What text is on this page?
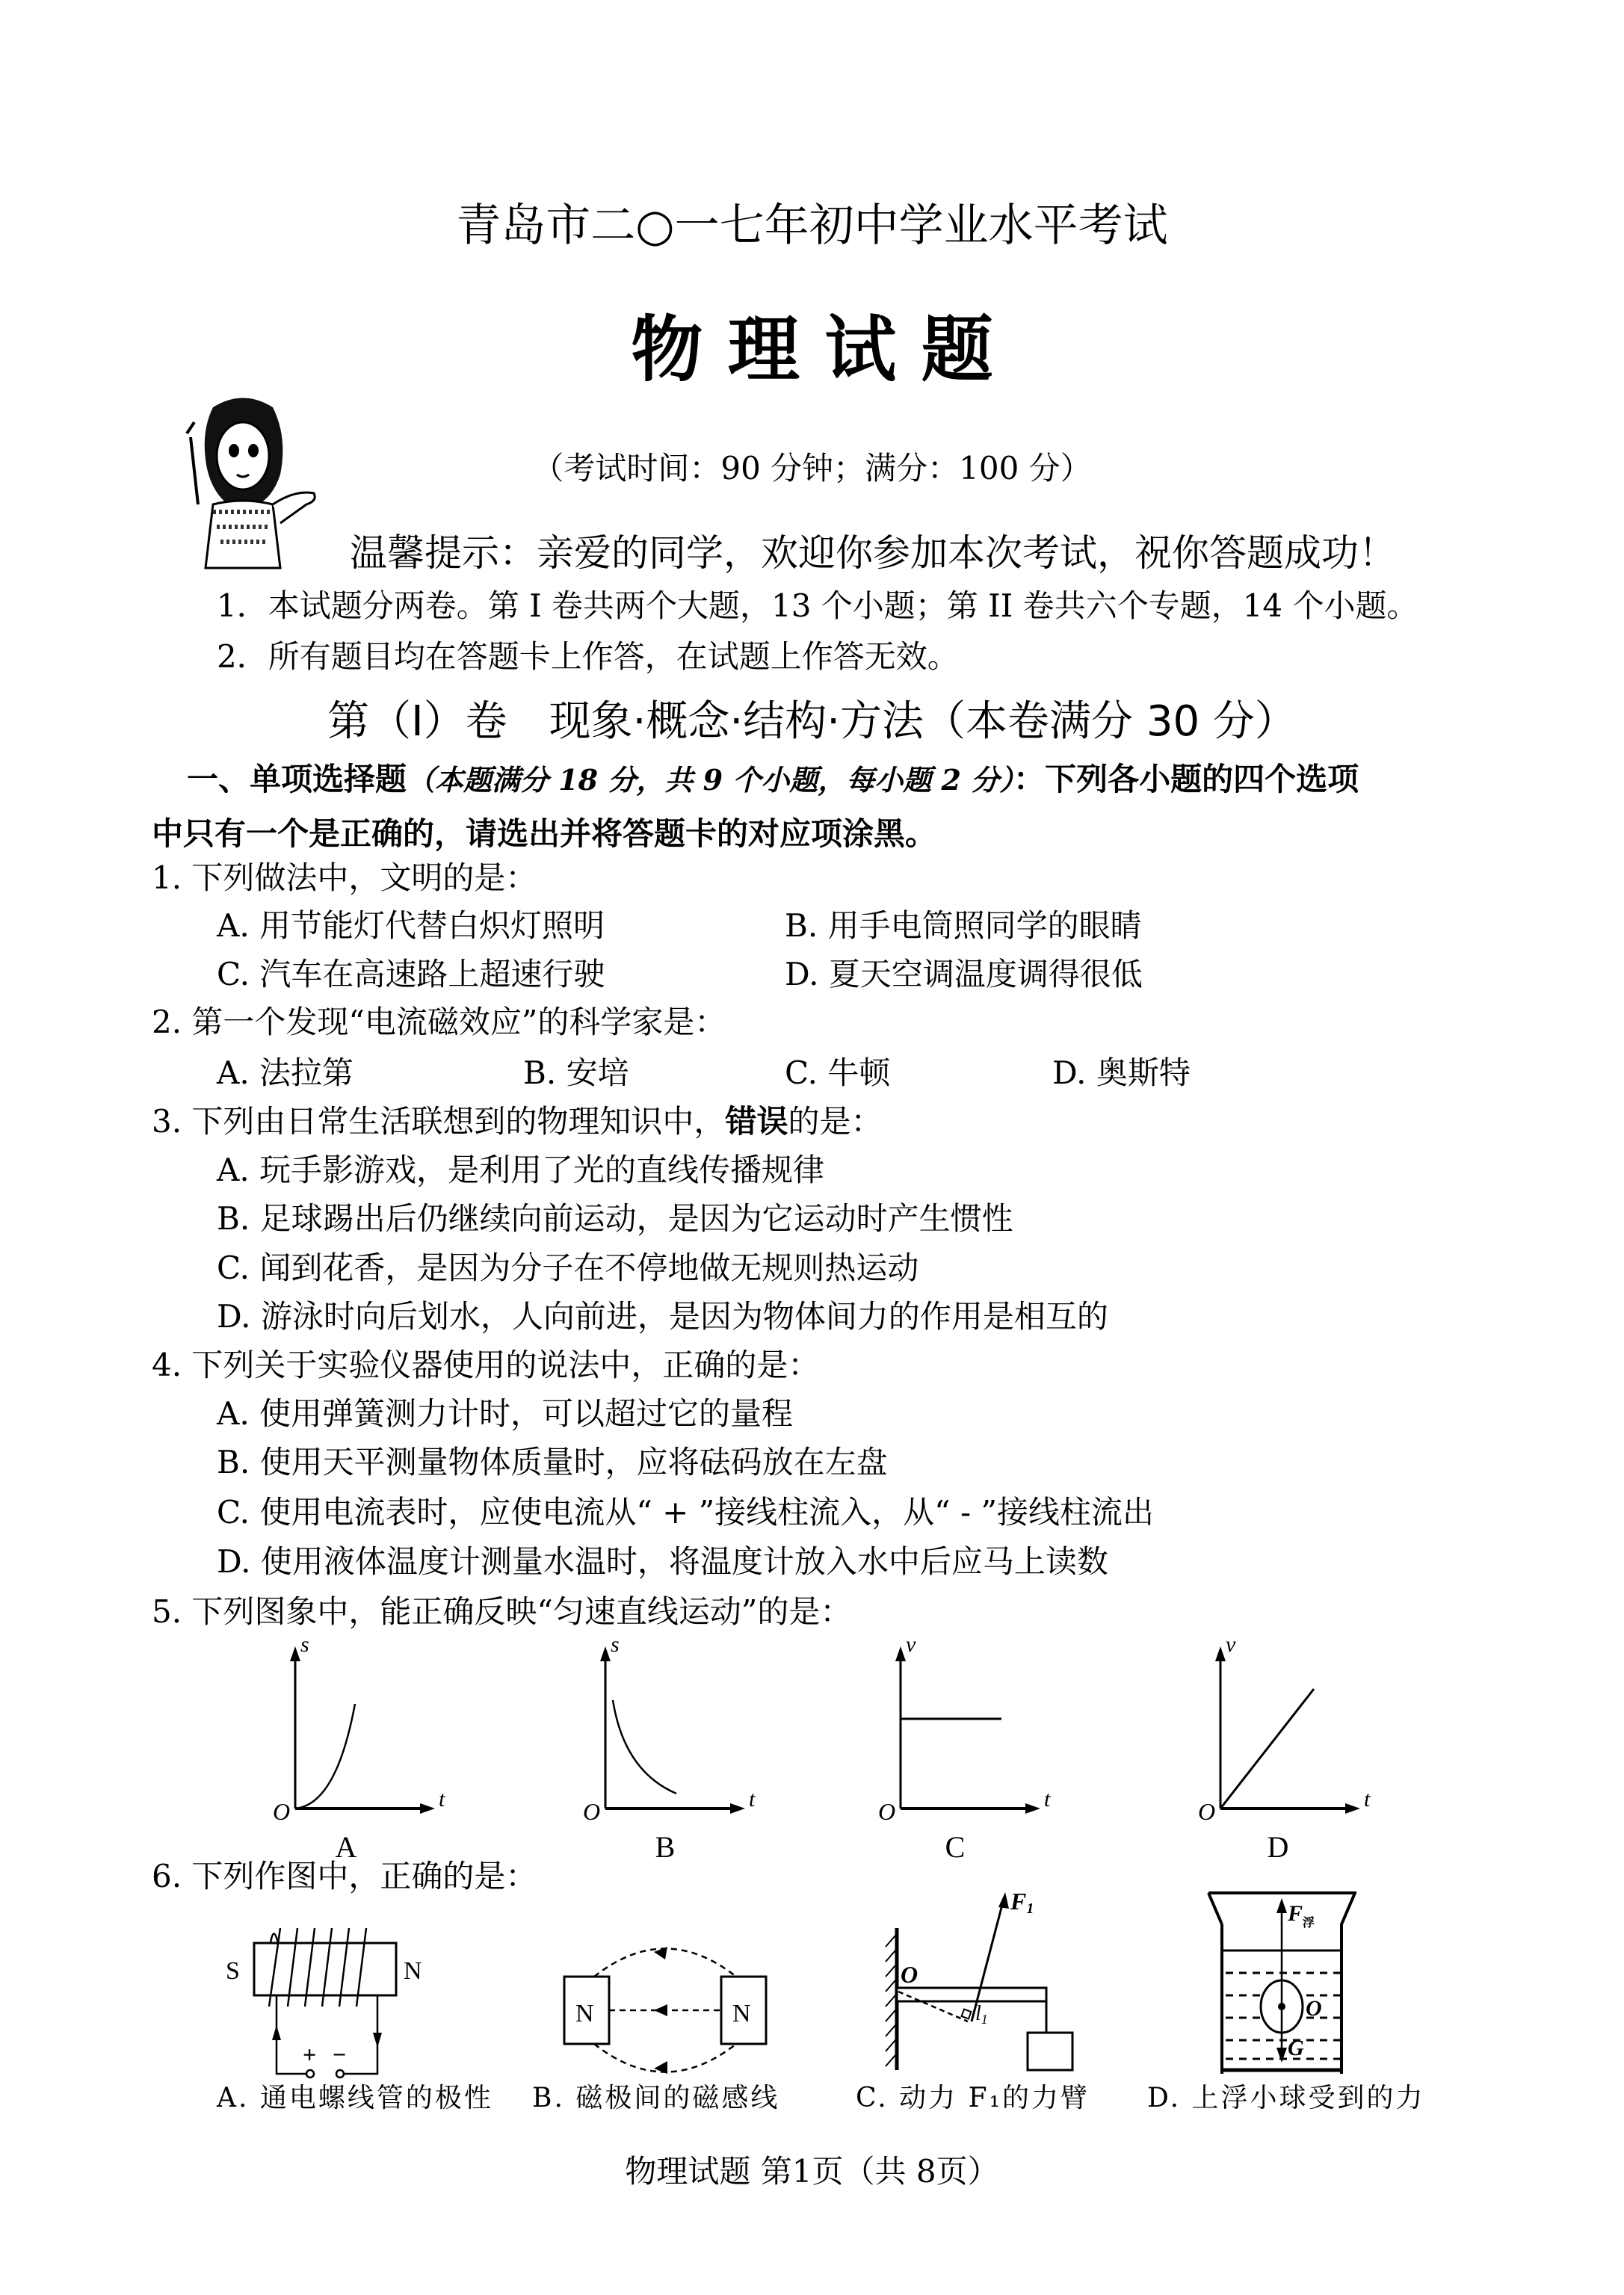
青岛市二○一七年初中学业水平考试
物 理 试 题
（考试时间：90 分钟；满分：100 分）
温馨提示：亲爱的同学，欢迎你参加本次考试，祝你答题成功！
1．本试题分两卷。第 I 卷共两个大题，13 个小题；第 II 卷共六个专题，14 个小题。
2．所有题目均在答题卡上作答，在试题上作答无效。
第（I）卷　现象·概念·结构·方法（本卷满分 30 分）
一、单项选择题（本题满分 18 分，共 9 个小题，每小题 2 分）：下列各小题的四个选项
中只有一个是正确的，请选出并将答题卡的对应项涂黑。
1. 下列做法中，文明的是：
A. 用节能灯代替白炽灯照明	B. 用手电筒照同学的眼睛
C. 汽车在高速路上超速行驶	D. 夏天空调温度调得很低
2. 第一个发现“电流磁效应”的科学家是：
A. 法拉第	B. 安培	C. 牛顿	D. 奥斯特
3. 下列由日常生活联想到的物理知识中，错误的是：
A. 玩手影游戏，是利用了光的直线传播规律
B. 足球踢出后仍继续向前运动，是因为它运动时产生惯性
C. 闻到花香，是因为分子在不停地做无规则热运动
D. 游泳时向后划水，人向前进，是因为物体间力的作用是相互的
4. 下列关于实验仪器使用的说法中，正确的是：
A. 使用弹簧测力计时，可以超过它的量程
B. 使用天平测量物体质量时，应将砝码放在左盘
C. 使用电流表时，应使电流从“ + ”接线柱流入，从“ - ”接线柱流出
D. 使用液体温度计测量水温时，将温度计放入水中后应马上读数
5. 下列图象中，能正确反映“匀速直线运动”的是：
s
t
O
A
s
t
O
B
v
t
O
C
v
t
O
D
6. 下列作图中，正确的是：
S	N
+ −
N	N
O
F1
l1
$F_浮$
O
G
A. 通电螺线管的极性 B. 磁极间的磁感线	C. 动力 F₁的力臂 D. 上浮小球受到的力
物理试题 第1页（共 8页）
